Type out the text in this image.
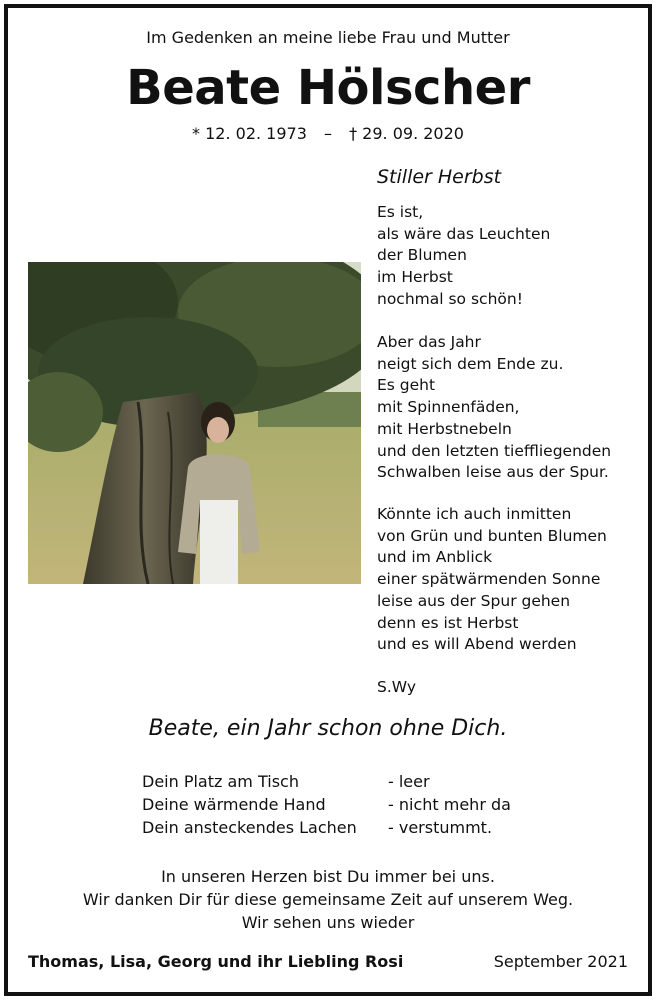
Im Gedenken an meine liebe Frau und Mutter
Beate Hölscher
* 12. 02. 1973 – † 29. 09. 2020
Stiller Herbst
Es ist,
als wäre das Leuchten
der Blumen
im Herbst
nochmal so schön!
Aber das Jahr
neigt sich dem Ende zu.
Es geht
mit Spinnenfäden,
mit Herbstnebeln
und den letzten tieffliegenden
Schwalben leise aus der Spur.
Könnte ich auch inmitten
von Grün und bunten Blumen
und im Anblick
einer spätwärmenden Sonne
leise aus der Spur gehen
denn es ist Herbst
und es will Abend werden
S.Wy
Beate, ein Jahr schon ohne Dich.
Dein Platz am Tisch
Deine wärmende Hand
Dein ansteckendes Lachen
- leer
- nicht mehr da
- verstummt.
In unseren Herzen bist Du immer bei uns.
Wir danken Dir für diese gemeinsame Zeit auf unserem Weg.
Wir sehen uns wieder
Thomas, Lisa, Georg und ihr Liebling Rosi	September 2021
